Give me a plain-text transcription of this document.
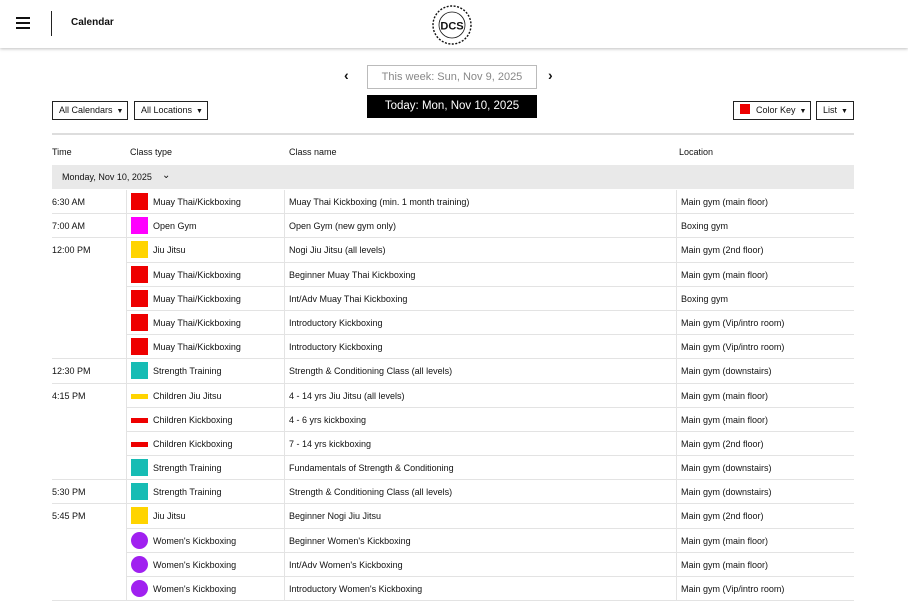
Calendar	DCS
‹	This week: Sun, Nov 9, 2025	›
Today: Mon, Nov 10, 2025
All Calendars ▼	All Locations ▼	Color Key ▼	List ▼
Time	Class type	Class name	Location
Monday, Nov 10, 2025 ⌄
6:30 AM	Muay Thai/Kickboxing	Muay Thai Kickboxing (min. 1 month training)	Main gym (main floor)
7:00 AM	Open Gym	Open Gym (new gym only)	Boxing gym
12:00 PM	Jiu Jitsu	Nogi Jiu Jitsu (all levels)	Main gym (2nd floor)
Muay Thai/Kickboxing	Beginner Muay Thai Kickboxing	Main gym (main floor)
Muay Thai/Kickboxing	Int/Adv Muay Thai Kickboxing	Boxing gym
Muay Thai/Kickboxing	Introductory Kickboxing	Main gym (Vip/intro room)
Muay Thai/Kickboxing	Introductory Kickboxing	Main gym (Vip/intro room)
12:30 PM	Strength Training	Strength & Conditioning Class (all levels)	Main gym (downstairs)
4:15 PM	Children Jiu Jitsu	4 - 14 yrs Jiu Jitsu (all levels)	Main gym (main floor)
Children Kickboxing	4 - 6 yrs kickboxing	Main gym (main floor)
Children Kickboxing	7 - 14 yrs kickboxing	Main gym (2nd floor)
Strength Training	Fundamentals of Strength & Conditioning	Main gym (downstairs)
5:30 PM	Strength Training	Strength & Conditioning Class (all levels)	Main gym (downstairs)
5:45 PM	Jiu Jitsu	Beginner Nogi Jiu Jitsu	Main gym (2nd floor)
Women's Kickboxing	Beginner Women's Kickboxing	Main gym (main floor)
Women's Kickboxing	Int/Adv Women's Kickboxing	Main gym (main floor)
Women's Kickboxing	Introductory Women's Kickboxing	Main gym (Vip/intro room)
